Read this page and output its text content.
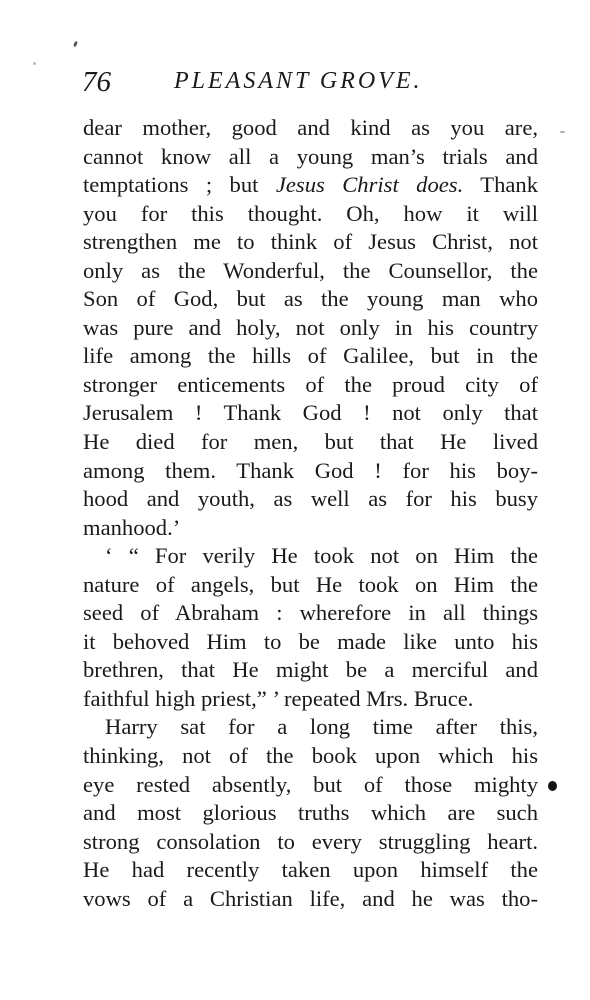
76	PLEASANT GROVE.
dear mother, good and kind as you are,
cannot know all a young man’s trials and
temptations ; but Jesus Christ does. Thank
you for this thought. Oh, how it will
strengthen me to think of Jesus Christ, not
only as the Wonderful, the Counsellor, the
Son of God, but as the young man who
was pure and holy, not only in his country
life among the hills of Galilee, but in the
stronger enticements of the proud city of
Jerusalem ! Thank God ! not only that
He died for men, but that He lived
among them. Thank God ! for his boy-
hood and youth, as well as for his busy
manhood.’
‘ “ For verily He took not on Him the
nature of angels, but He took on Him the
seed of Abraham : wherefore in all things
it behoved Him to be made like unto his
brethren, that He might be a merciful and
faithful high priest,” ’ repeated Mrs. Bruce.
Harry sat for a long time after this,
thinking, not of the book upon which his
eye rested absently, but of those mighty
and most glorious truths which are such
strong consolation to every struggling heart.
He had recently taken upon himself the
vows of a Christian life, and he was tho-
